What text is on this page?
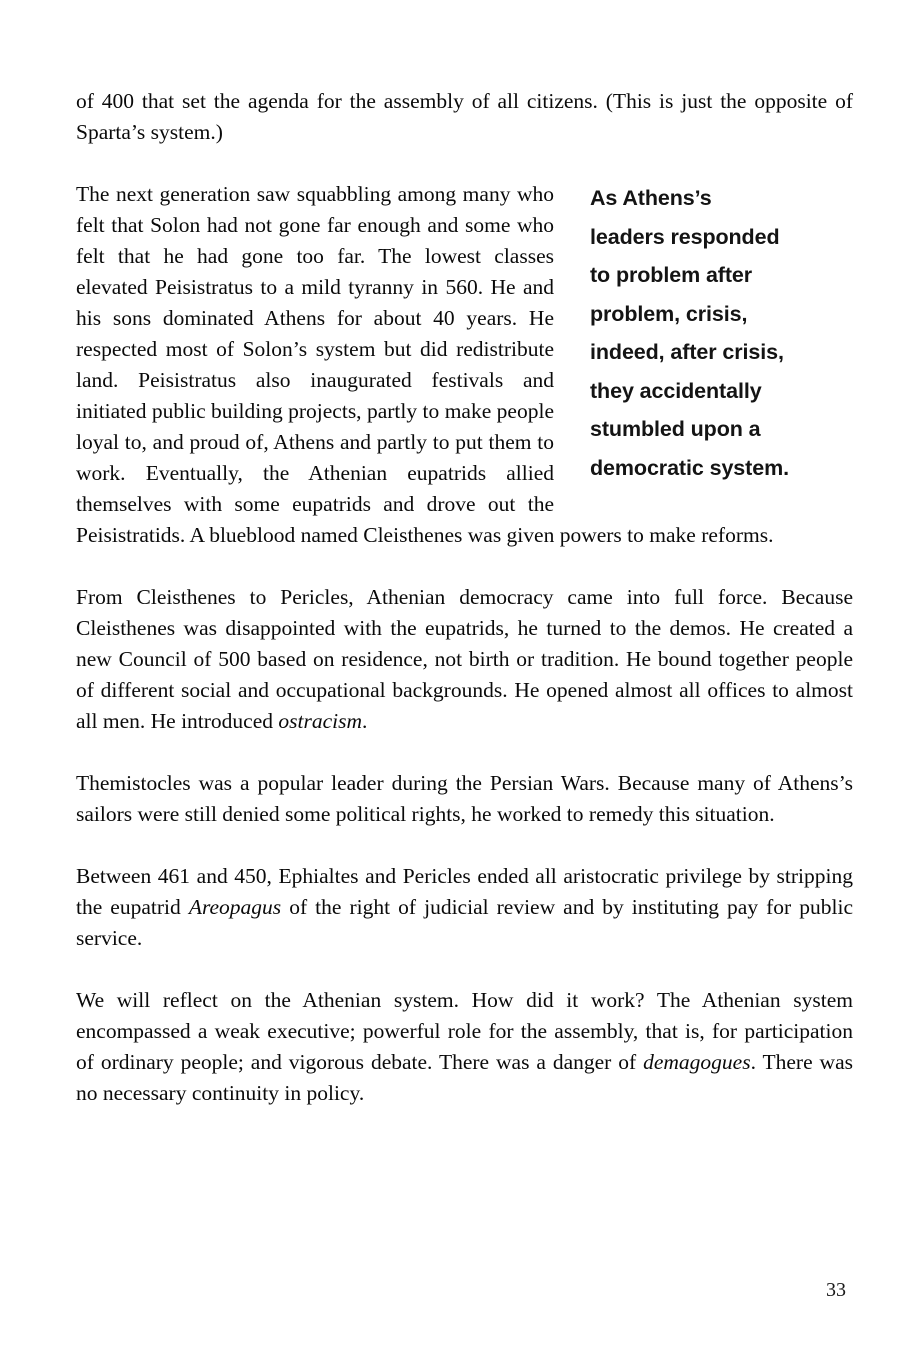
of 400 that set the agenda for the assembly of all citizens. (This is just the opposite of Sparta’s system.)

As Athens’s
leaders responded
to problem after
problem, crisis,
indeed, after crisis,
they accidentally
stumbled upon a
democratic system.
The next generation saw squabbling among many who felt that Solon had not gone far enough and some who felt that he had gone too far. The lowest classes elevated Peisistratus to a mild tyranny in 560. He and his sons dominated Athens for about 40 years. He respected most of Solon’s system but did redistribute land. Peisistratus also inaugurated festivals and initiated public building projects, partly to make people loyal to, and proud of, Athens and partly to put them to work. Eventually, the Athenian eupatrids allied themselves with some eupatrids and drove out the Peisistratids. A blueblood named Cleisthenes was given powers to make reforms.

From Cleisthenes to Pericles, Athenian democracy came into full force. Because Cleisthenes was disappointed with the eupatrids, he turned to the demos. He created a new Council of 500 based on residence, not birth or tradition. He bound together people of different social and occupational backgrounds. He opened almost all offices to almost all men. He introduced ostracism.

Themistocles was a popular leader during the Persian Wars. Because many of Athens’s sailors were still denied some political rights, he worked to remedy this situation.

Between 461 and 450, Ephialtes and Pericles ended all aristocratic privilege by stripping the eupatrid Areopagus of the right of judicial review and by instituting pay for public service.

We will reflect on the Athenian system. How did it work? The Athenian system encompassed a weak executive; powerful role for the assembly, that is, for participation of ordinary people; and vigorous debate. There was a danger of demagogues. There was no necessary continuity in policy.

33
